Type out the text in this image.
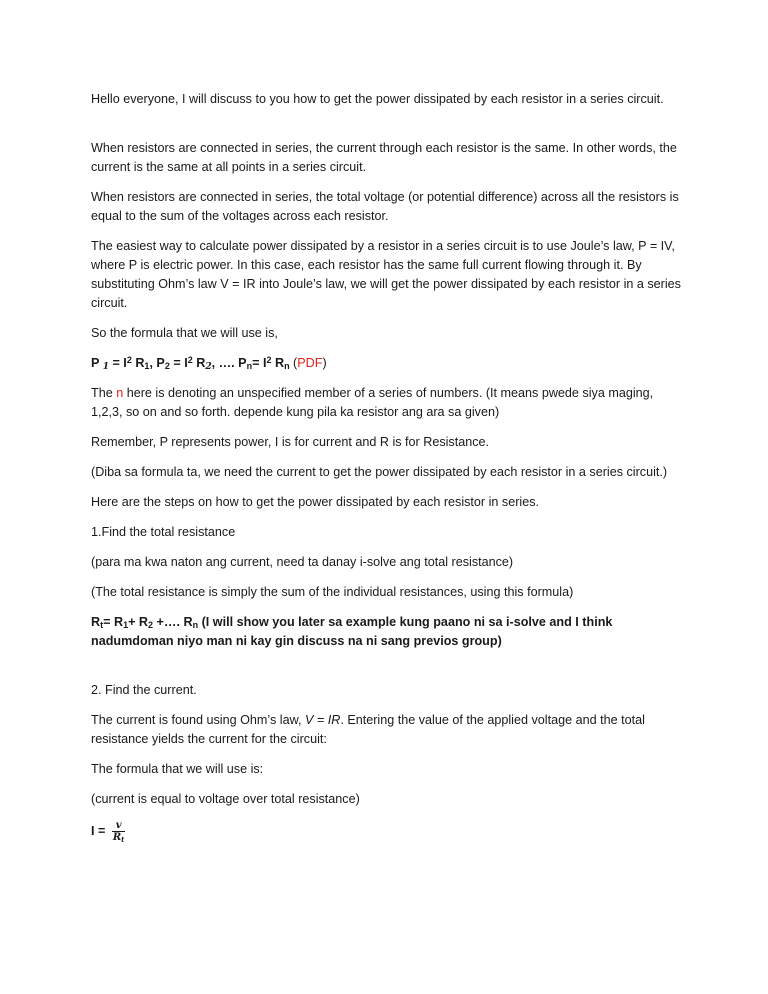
Hello everyone, I will discuss to you how to get the power dissipated by each resistor in a series circuit.

When resistors are connected in series, the current through each resistor is the same. In other words, the current is the same at all points in a series circuit.

When resistors are connected in series, the total voltage (or potential difference) across all the resistors is equal to the sum of the voltages across each resistor.

The easiest way to calculate power dissipated by a resistor in a series circuit is to use Joule’s law, P = IV, where P is electric power. In this case, each resistor has the same full current flowing through it. By substituting Ohm’s law V = IR into Joule’s law, we will get the power dissipated by each resistor in a series circuit.

So the formula that we will use is,

P $_1 = I^2$ $R_1$, $P_2 = I^2$ $R_2$, …. $P_n= I^2$ $R_n$ (PDF)

The n here is denoting an unspecified member of a series of numbers. (It means pwede siya maging, 1,2,3, so on and so forth. depende kung pila ka resistor ang ara sa given)

Remember, P represents power, I is for current and R is for Resistance.

(Diba sa formula ta, we need the current to get the power dissipated by each resistor in a series circuit.)

Here are the steps on how to get the power dissipated by each resistor in series.

1.Find the total resistance

(para ma kwa naton ang current, need ta danay i-solve ang total resistance)

(The total resistance is simply the sum of the individual resistances, using this formula)

$R_t= R_1+ R_2$ +…. $R_n$ (I will show you later sa example kung paano ni sa i-solve and I think nadumdoman niyo man ni kay gin discuss na ni sang previos group)

2. Find the current.

The current is found using Ohm’s law, V = IR. Entering the value of the applied voltage and the total resistance yields the current for the circuit:

The formula that we will use is:

(current is equal to voltage over total resistance)

$I = \frac{v}{R_t}$
